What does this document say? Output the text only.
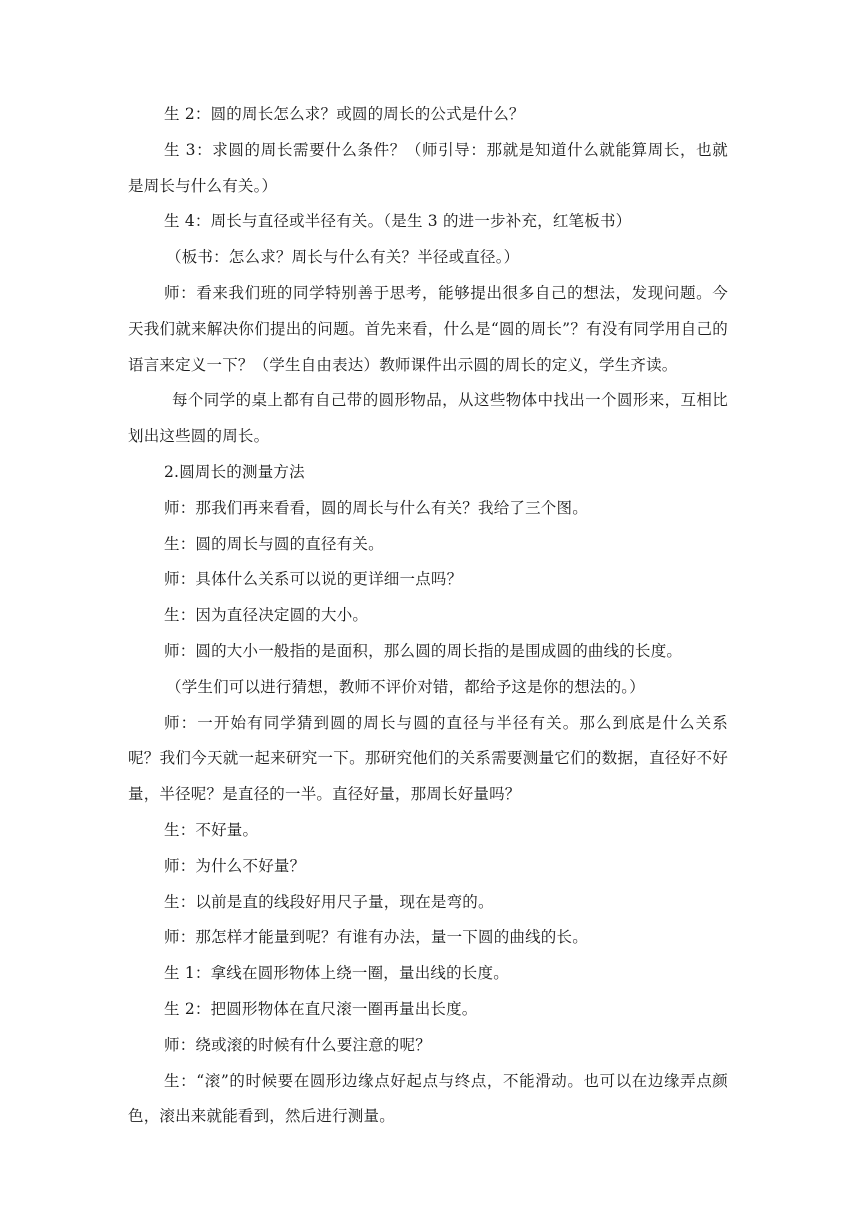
生 2：圆的周长怎么求？或圆的周长的公式是什么？

生 3：求圆的周长需要什么条件？（师引导：那就是知道什么就能算周长，也就是周长与什么有关。）

生 4：周长与直径或半径有关。（是生 3 的进一步补充，红笔板书）

（板书：怎么求？周长与什么有关？半径或直径。）

师：看来我们班的同学特别善于思考，能够提出很多自己的想法，发现问题。今天我们就来解决你们提出的问题。首先来看，什么是“圆的周长”？有没有同学用自己的语言来定义一下？（学生自由表达）教师课件出示圆的周长的定义，学生齐读。

每个同学的桌上都有自己带的圆形物品，从这些物体中找出一个圆形来，互相比划出这些圆的周长。

2.圆周长的测量方法

师：那我们再来看看，圆的周长与什么有关？我给了三个图。

生：圆的周长与圆的直径有关。

师：具体什么关系可以说的更详细一点吗？

生：因为直径决定圆的大小。

师：圆的大小一般指的是面积，那么圆的周长指的是围成圆的曲线的长度。

（学生们可以进行猜想，教师不评价对错，都给予这是你的想法的。）

师：一开始有同学猜到圆的周长与圆的直径与半径有关。那么到底是什么关系呢？我们今天就一起来研究一下。那研究他们的关系需要测量它们的数据，直径好不好量，半径呢？是直径的一半。直径好量，那周长好量吗？

生：不好量。

师：为什么不好量？

生：以前是直的线段好用尺子量，现在是弯的。

师：那怎样才能量到呢？有谁有办法，量一下圆的曲线的长。

生 1：拿线在圆形物体上绕一圈，量出线的长度。

生 2：把圆形物体在直尺滚一圈再量出长度。

师：绕或滚的时候有什么要注意的呢？

生：“滚”的时候要在圆形边缘点好起点与终点，不能滑动。也可以在边缘弄点颜色，滚出来就能看到，然后进行测量。
